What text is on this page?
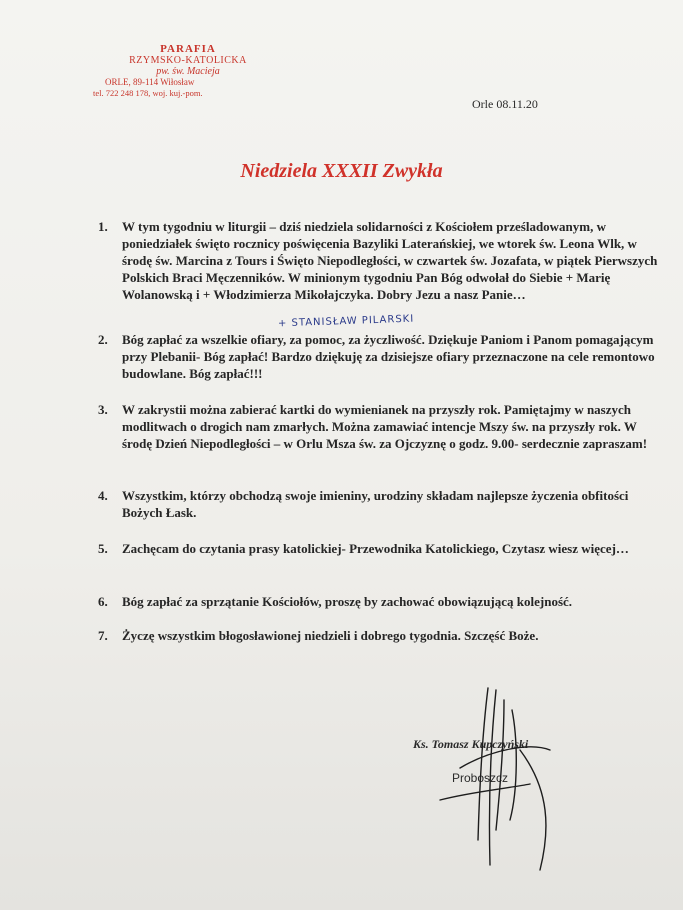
PARAFIA
RZYMSKO-KATOLICKA
pw. św. Macieja
ORLE, 89-114 Wiłosław
tel. 722 248 178, woj. kuj.-pom.
Orle 08.11.20
Niedziela XXXII Zwykła
1.	W tym tygodniu w liturgii – dziś niedziela solidarności z Kościołem prześladowanym, w poniedziałek święto rocznicy poświęcenia Bazyliki Laterańskiej, we wtorek św. Leona Wlk, w środę św. Marcina z Tours i Święto Niepodległości, w czwartek św. Jozafata, w piątek Pierwszych Polskich Braci Męczenników. W minionym tygodniu Pan Bóg odwołał do Siebie + Marię Wolanowską i + Włodzimierza Mikołajczyka. Dobry Jezu a nasz Panie…
+ STANISŁAW PILARSKI
2.	Bóg zapłać za wszelkie ofiary, za pomoc, za życzliwość. Dziękuje Paniom i Panom pomagającym przy Plebanii- Bóg zapłać! Bardzo dziękuję za dzisiejsze ofiary przeznaczone na cele remontowo budowlane. Bóg zapłać!!!
3.	W zakrystii można zabierać kartki do wymienianek na przyszły rok. Pamiętajmy w naszych modlitwach o drogich nam zmarłych. Można zamawiać intencje Mszy św. na przyszły rok. W środę Dzień Niepodległości – w Orlu Msza św. za Ojczyznę o godz. 9.00- serdecznie zapraszam!
4.	Wszystkim, którzy obchodzą swoje imieniny, urodziny składam najlepsze życzenia obfitości Bożych Łask.
5.	Zachęcam do czytania prasy katolickiej- Przewodnika Katolickiego, Czytasz wiesz więcej…
6.	Bóg zapłać za sprzątanie Kościołów, proszę by zachować obowiązującą kolejność.
7.	Życzę wszystkim błogosławionej niedzieli i dobrego tygodnia. Szczęść Boże.
Ks. Tomasz Kupczyński
Proboszcz
